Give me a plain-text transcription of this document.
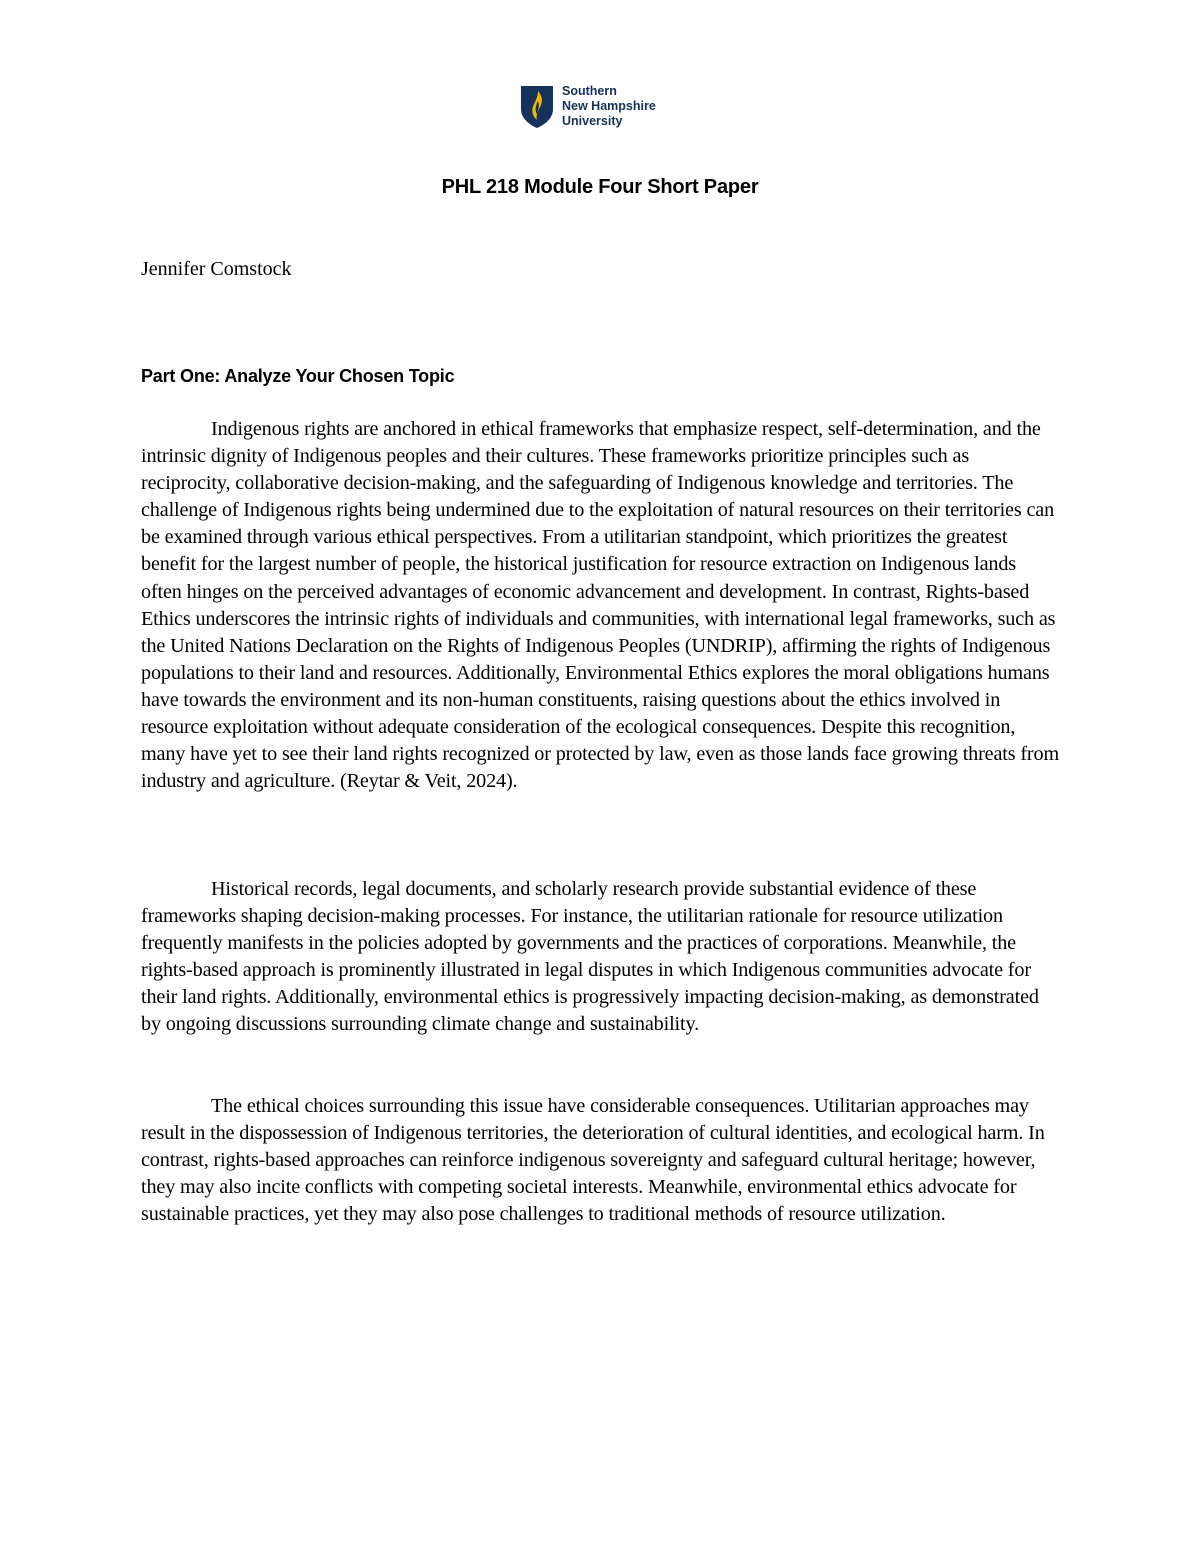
Southern
New Hampshire
University
PHL 218 Module Four Short Paper
Jennifer Comstock
Part One: Analyze Your Chosen Topic

Indigenous rights are anchored in ethical frameworks that emphasize respect, self-determination, and the intrinsic dignity of Indigenous peoples and their cultures. These frameworks prioritize principles such as reciprocity, collaborative decision-making, and the safeguarding of Indigenous knowledge and territories. The challenge of Indigenous rights being undermined due to the exploitation of natural resources on their territories can be examined through various ethical perspectives. From a utilitarian standpoint, which prioritizes the greatest benefit for the largest number of people, the historical justification for resource extraction on Indigenous lands often hinges on the perceived advantages of economic advancement and development. In contrast, Rights-based Ethics underscores the intrinsic rights of individuals and communities, with international legal frameworks, such as the United Nations Declaration on the Rights of Indigenous Peoples (UNDRIP), affirming the rights of Indigenous populations to their land and resources. Additionally, Environmental Ethics explores the moral obligations humans have towards the environment and its non-human constituents, raising questions about the ethics involved in resource exploitation without adequate consideration of the ecological consequences. Despite this recognition, many have yet to see their land rights recognized or protected by law, even as those lands face growing threats from industry and agriculture. (Reytar & Veit, 2024).

Historical records, legal documents, and scholarly research provide substantial evidence of these frameworks shaping decision-making processes. For instance, the utilitarian rationale for resource utilization frequently manifests in the policies adopted by governments and the practices of corporations. Meanwhile, the rights-based approach is prominently illustrated in legal disputes in which Indigenous communities advocate for their land rights. Additionally, environmental ethics is progressively impacting decision-making, as demonstrated by ongoing discussions surrounding climate change and sustainability.

The ethical choices surrounding this issue have considerable consequences. Utilitarian approaches may result in the dispossession of Indigenous territories, the deterioration of cultural identities, and ecological harm. In contrast, rights-based approaches can reinforce indigenous sovereignty and safeguard cultural heritage; however, they may also incite conflicts with competing societal interests. Meanwhile, environmental ethics advocate for sustainable practices, yet they may also pose challenges to traditional methods of resource utilization.
